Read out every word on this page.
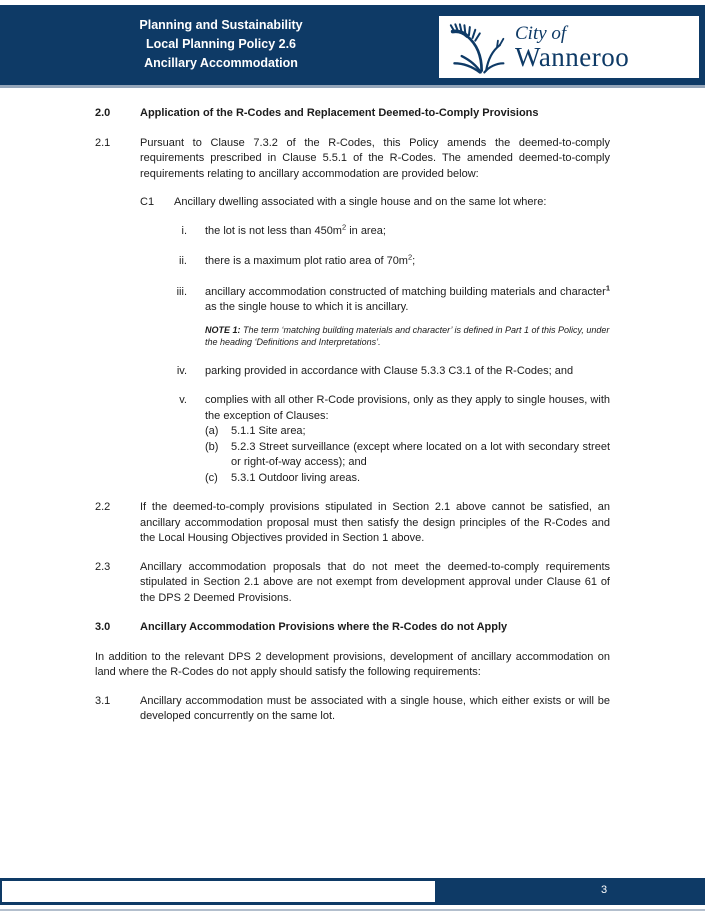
Planning and Sustainability
Local Planning Policy 2.6
Ancillary Accommodation
City of
Wanneroo
2.0	Application of the R-Codes and Replacement Deemed-to-Comply Provisions

2.1	Pursuant to Clause 7.3.2 of the R-Codes, this Policy amends the deemed-to-comply requirements prescribed in Clause 5.5.1 of the R-Codes. The amended deemed-to-comply requirements relating to ancillary accommodation are provided below:

C1 Ancillary dwelling associated with a single house and on the same lot where:

i. the lot is not less than $450m^2$ in area;

ii. there is a maximum plot ratio area of $70m^2$;

iii. ancillary accommodation constructed of matching building materials and character$^1$ as the single house to which it is ancillary.

NOTE 1: The term ‘matching building materials and character’ is defined in Part 1 of this Policy, under the heading ‘Definitions and Interpretations’.

iv. parking provided in accordance with Clause 5.3.3 C3.1 of the R-Codes; and

v. complies with all other R-Code provisions, only as they apply to single houses, with the exception of Clauses:

(a) 5.1.1 Site area;
(b) 5.2.3 Street surveillance (except where located on a lot with secondary street or right-of-way access); and
(c) 5.3.1 Outdoor living areas.
2.2	If the deemed-to-comply provisions stipulated in Section 2.1 above cannot be satisfied, an ancillary accommodation proposal must then satisfy the design principles of the R-Codes and the Local Housing Objectives provided in Section 1 above.

2.3	Ancillary accommodation proposals that do not meet the deemed-to-comply requirements stipulated in Section 2.1 above are not exempt from development approval under Clause 61 of the DPS 2 Deemed Provisions.

3.0	Ancillary Accommodation Provisions where the R-Codes do not Apply

In addition to the relevant DPS 2 development provisions, development of ancillary accommodation on land where the R-Codes do not apply should satisfy the following requirements:

3.1	Ancillary accommodation must be associated with a single house, which either exists or will be developed concurrently on the same lot.

3
